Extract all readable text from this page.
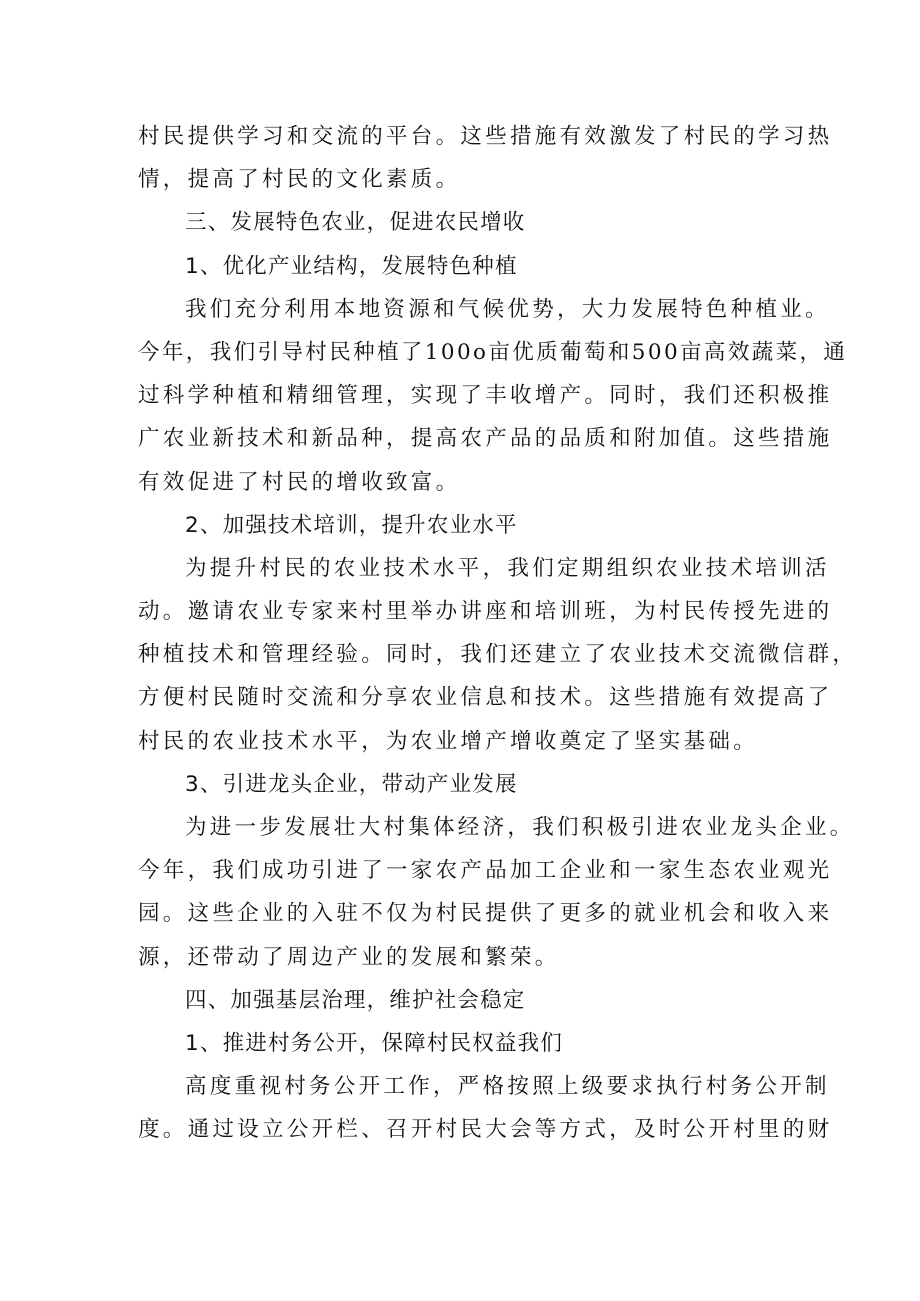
村民提供学习和交流的平台。这些措施有效激发了村民的学习热
情，提高了村民的文化素质。
三、发展特色农业，促进农民增收
1、优化产业结构，发展特色种植
我们充分利用本地资源和气候优势，大力发展特色种植业。
今年，我们引导村民种植了100o亩优质葡萄和500亩高效蔬菜，通
过科学种植和精细管理，实现了丰收增产。同时，我们还积极推
广农业新技术和新品种，提高农产品的品质和附加值。这些措施
有效促进了村民的增收致富。
2、加强技术培训，提升农业水平
为提升村民的农业技术水平，我们定期组织农业技术培训活
动。邀请农业专家来村里举办讲座和培训班，为村民传授先进的
种植技术和管理经验。同时，我们还建立了农业技术交流微信群，
方便村民随时交流和分享农业信息和技术。这些措施有效提高了
村民的农业技术水平，为农业增产增收奠定了坚实基础。
3、引进龙头企业，带动产业发展
为进一步发展壮大村集体经济，我们积极引进农业龙头企业。
今年，我们成功引进了一家农产品加工企业和一家生态农业观光
园。这些企业的入驻不仅为村民提供了更多的就业机会和收入来
源，还带动了周边产业的发展和繁荣。
四、加强基层治理，维护社会稳定
1、推进村务公开，保障村民权益我们
高度重视村务公开工作，严格按照上级要求执行村务公开制
度。通过设立公开栏、召开村民大会等方式，及时公开村里的财
